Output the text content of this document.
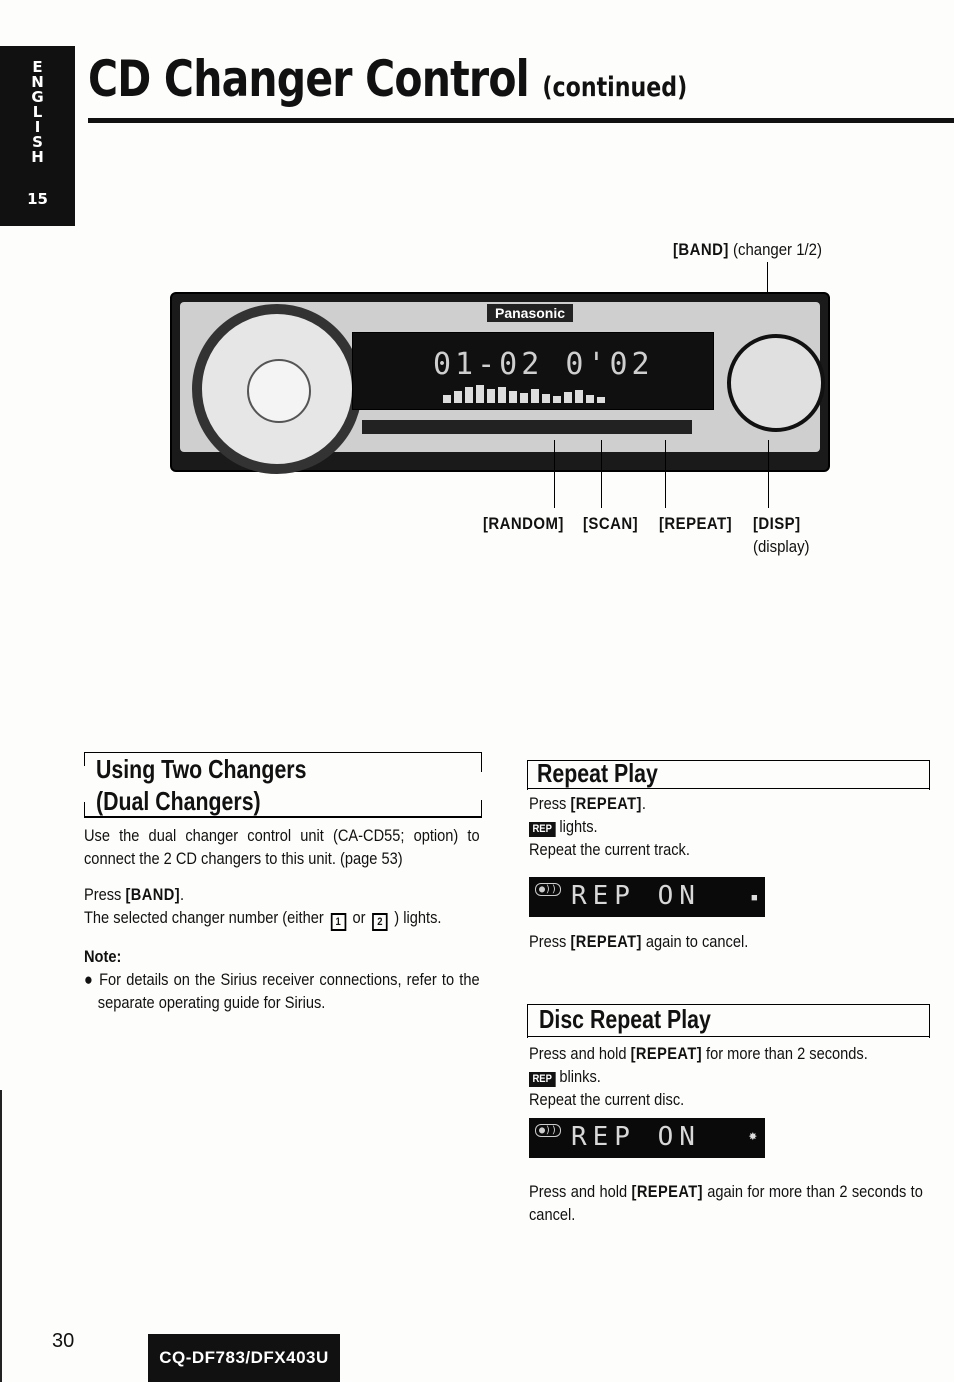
E
N
G
L
I
S
H
15
CD Changer Control (continued)
[BAND] (changer 1/2)
Panasonic
01-02 0'02
[RANDOM] [SCAN] [REPEAT] [DISP]
(display)
Using Two Changers
(Dual Changers)

Use the dual changer control unit (CA-CD55; option) to connect the 2 CD changers to this unit. (page 53)

Press [BAND].

The selected changer number (either 1 or 2 ) lights.

Note:

● For details on the Sirius receiver connections, refer to the separate operating guide for Sirius.

Repeat Play

Press [REPEAT].

REP lights.

Repeat the current track.

●)) REP ON	■

Press [REPEAT] again to cancel.

Disc Repeat Play

Press and hold [REPEAT] for more than 2 seconds.

REP blinks.

Repeat the current disc.

●)) REP ON	✸

Press and hold [REPEAT] again for more than 2 seconds to cancel.

30
CQ-DF783/DFX403U
